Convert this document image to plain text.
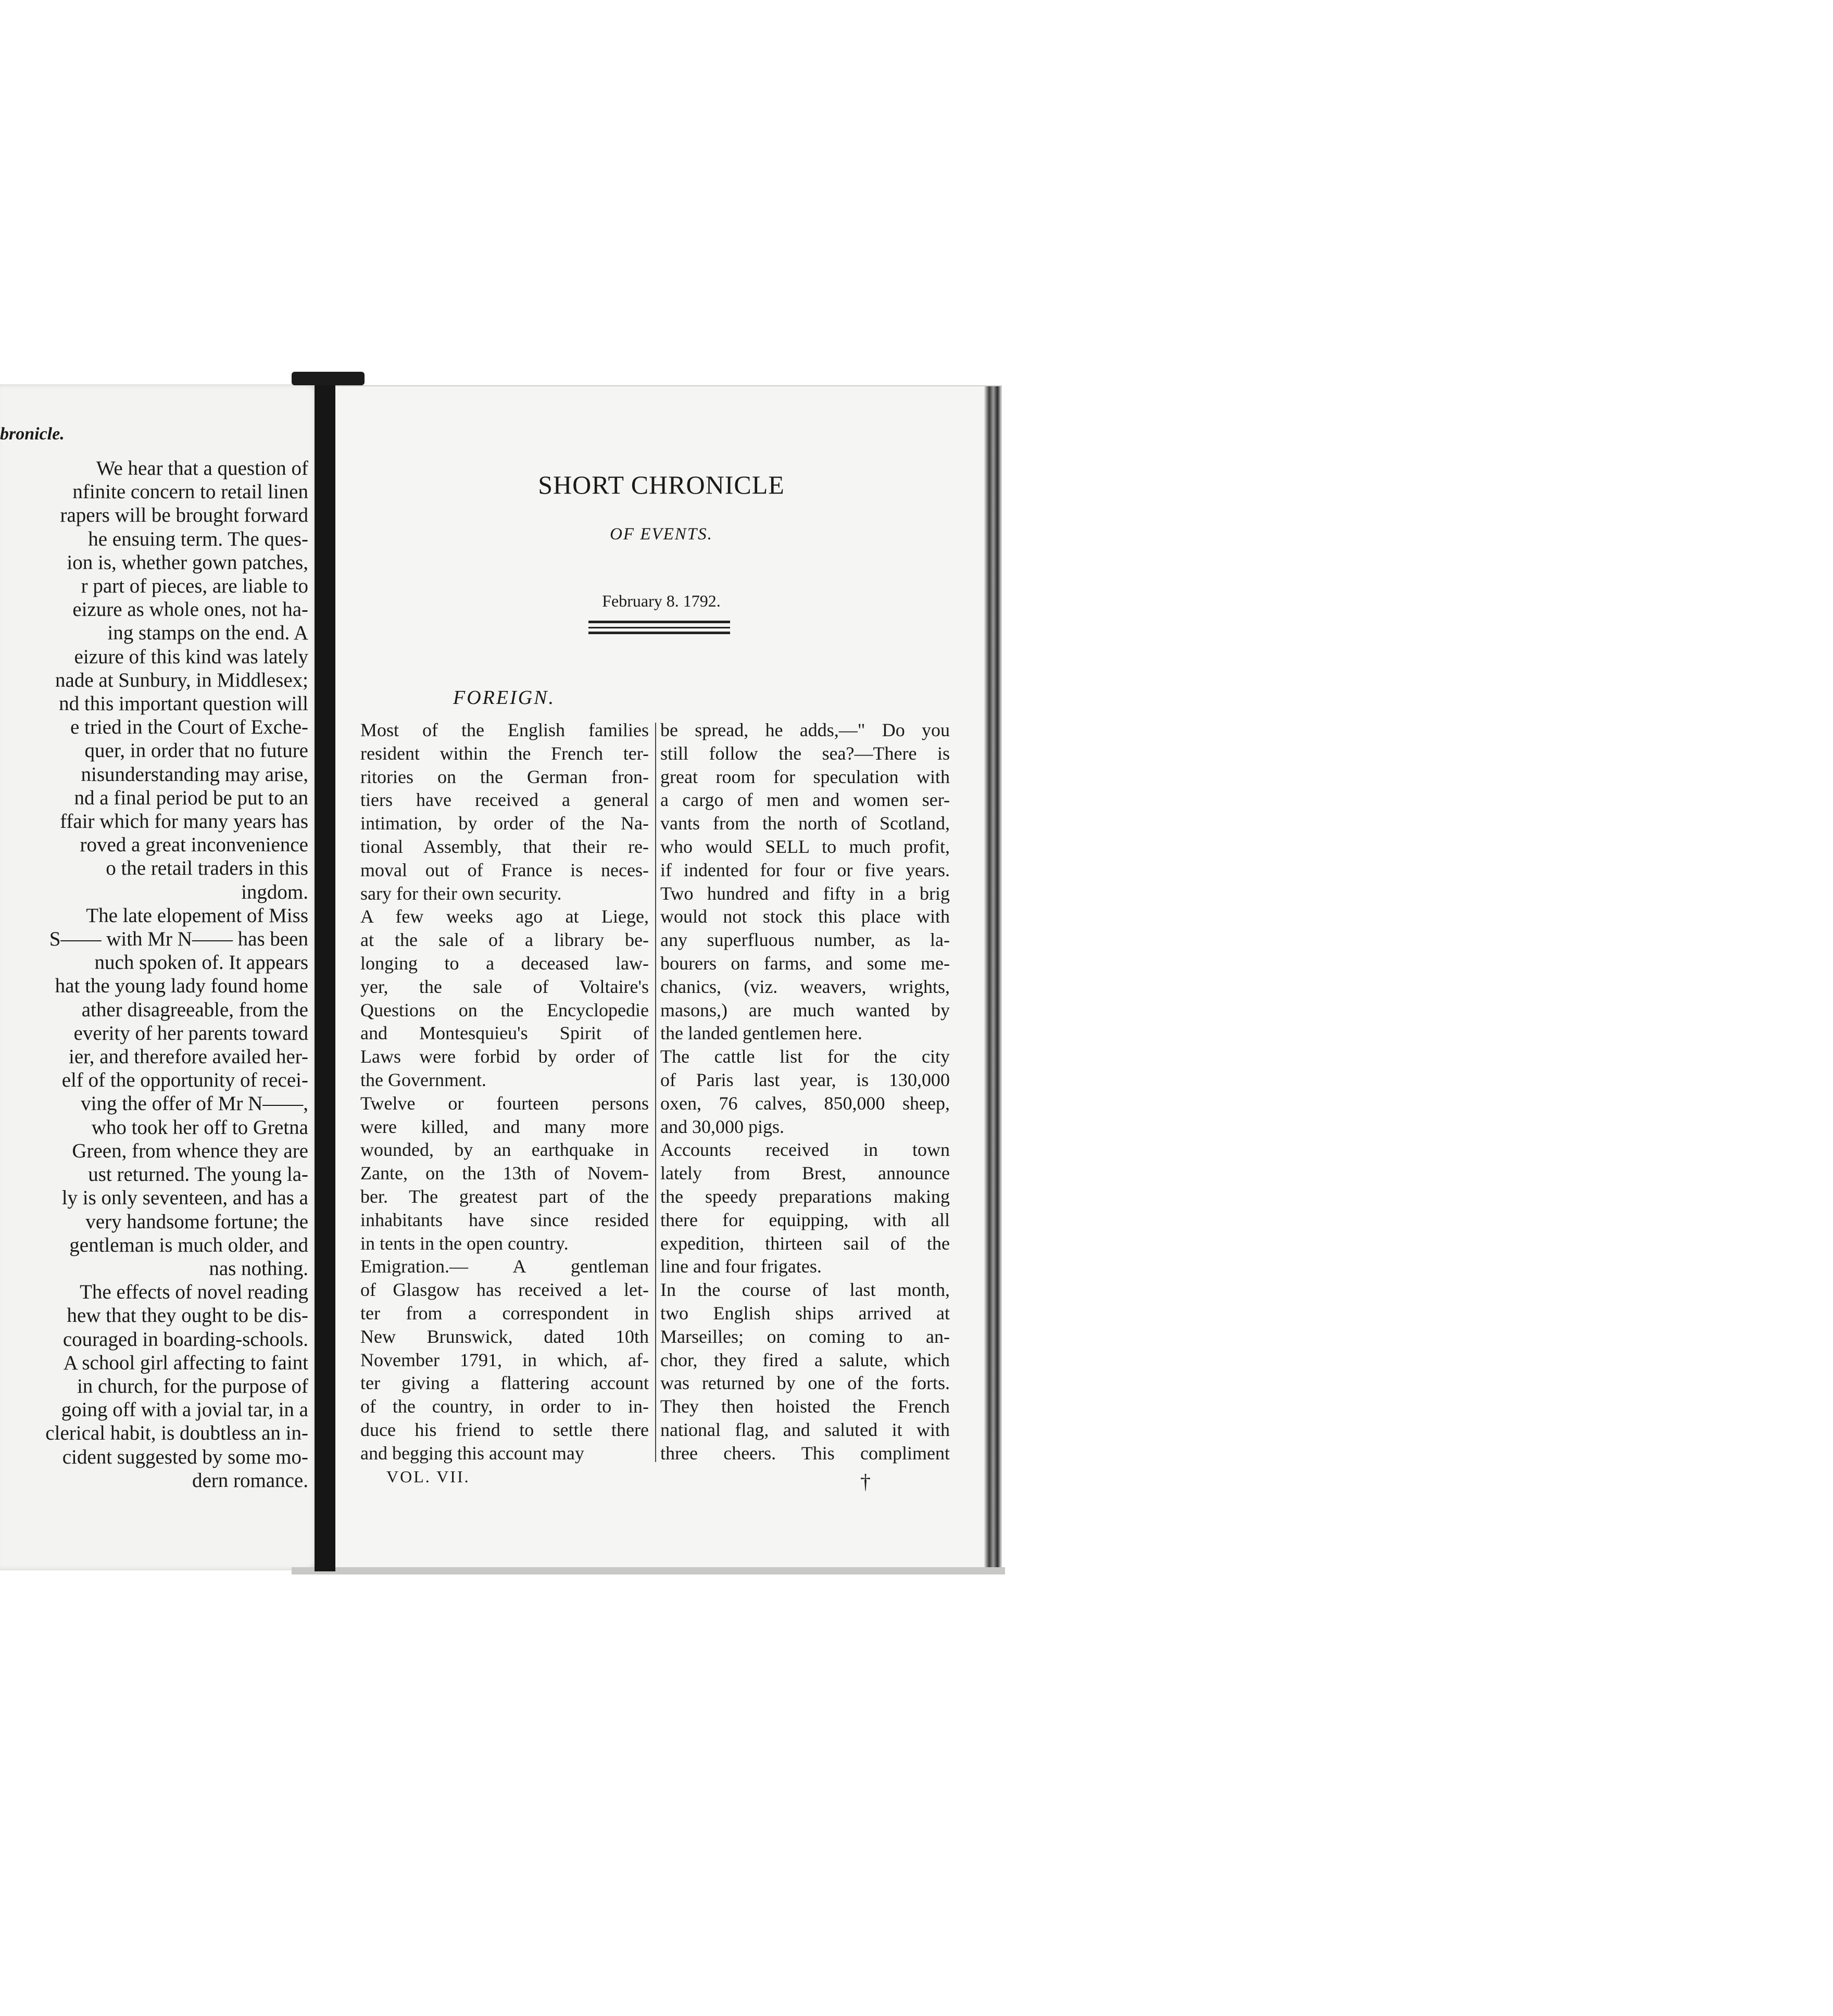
bronicle.
We hear that a question of
nfinite concern to retail linen
rapers will be brought forward
he ensuing term. The ques-
ion is, whether gown patches,
r part of pieces, are liable to
eizure as whole ones, not ha-
ing stamps on the end. A
eizure of this kind was lately
nade at Sunbury, in Middlesex;
nd this important question will
e tried in the Court of Exche-
quer, in order that no future
nisunderstanding may arise,
nd a final period be put to an
ffair which for many years has
roved a great inconvenience
o the retail traders in this
ingdom.
The late elopement of Miss
S—— with Mr N—— has been
nuch spoken of. It appears
hat the young lady found home
ather disagreeable, from the
everity of her parents toward
ier, and therefore availed her-
elf of the opportunity of recei-
ving the offer of Mr N——,
who took her off to Gretna
Green, from whence they are
ust returned. The young la-
ly is only seventeen, and has a
very handsome fortune; the
gentleman is much older, and
nas nothing.
The effects of novel reading
hew that they ought to be dis-
couraged in boarding-schools.
A school girl affecting to faint
in church, for the purpose of
going off with a jovial tar, in a
clerical habit, is doubtless an in-
cident suggested by some mo-
dern romance.
SHORT CHRONICLE
OF EVENTS.
February 8. 1792.
FOREIGN.
Most of the English families
resident within the French ter-
ritories on the German fron-
tiers have received a general
intimation, by order of the Na-
tional Assembly, that their re-
moval out of France is neces-
sary for their own security.
A few weeks ago at Liege,
at the sale of a library be-
longing to a deceased law-
yer, the sale of Voltaire's
Questions on the Encyclopedie
and Montesquieu's Spirit of
Laws were forbid by order of
the Government.
Twelve or fourteen persons
were killed, and many more
wounded, by an earthquake in
Zante, on the 13th of Novem-
ber. The greatest part of the
inhabitants have since resided
in tents in the open country.
Emigration.— A gentleman
of Glasgow has received a let-
ter from a correspondent in
New Brunswick, dated 10th
November 1791, in which, af-
ter giving a flattering account
of the country, in order to in-
duce his friend to settle there
and begging this account may
be spread, he adds,—" Do you
still follow the sea?—There is
great room for speculation with
a cargo of men and women ser-
vants from the north of Scotland,
who would SELL to much profit,
if indented for four or five years.
Two hundred and fifty in a brig
would not stock this place with
any superfluous number, as la-
bourers on farms, and some me-
chanics, (viz. weavers, wrights,
masons,) are much wanted by
the landed gentlemen here.
The cattle list for the city
of Paris last year, is 130,000
oxen, 76 calves, 850,000 sheep,
and 30,000 pigs.
Accounts received in town
lately from Brest, announce
the speedy preparations making
there for equipping, with all
expedition, thirteen sail of the
line and four frigates.
In the course of last month,
two English ships arrived at
Marseilles; on coming to an-
chor, they fired a salute, which
was returned by one of the forts.
They then hoisted the French
national flag, and saluted it with
three cheers. This compliment
VOL. VII.	†
